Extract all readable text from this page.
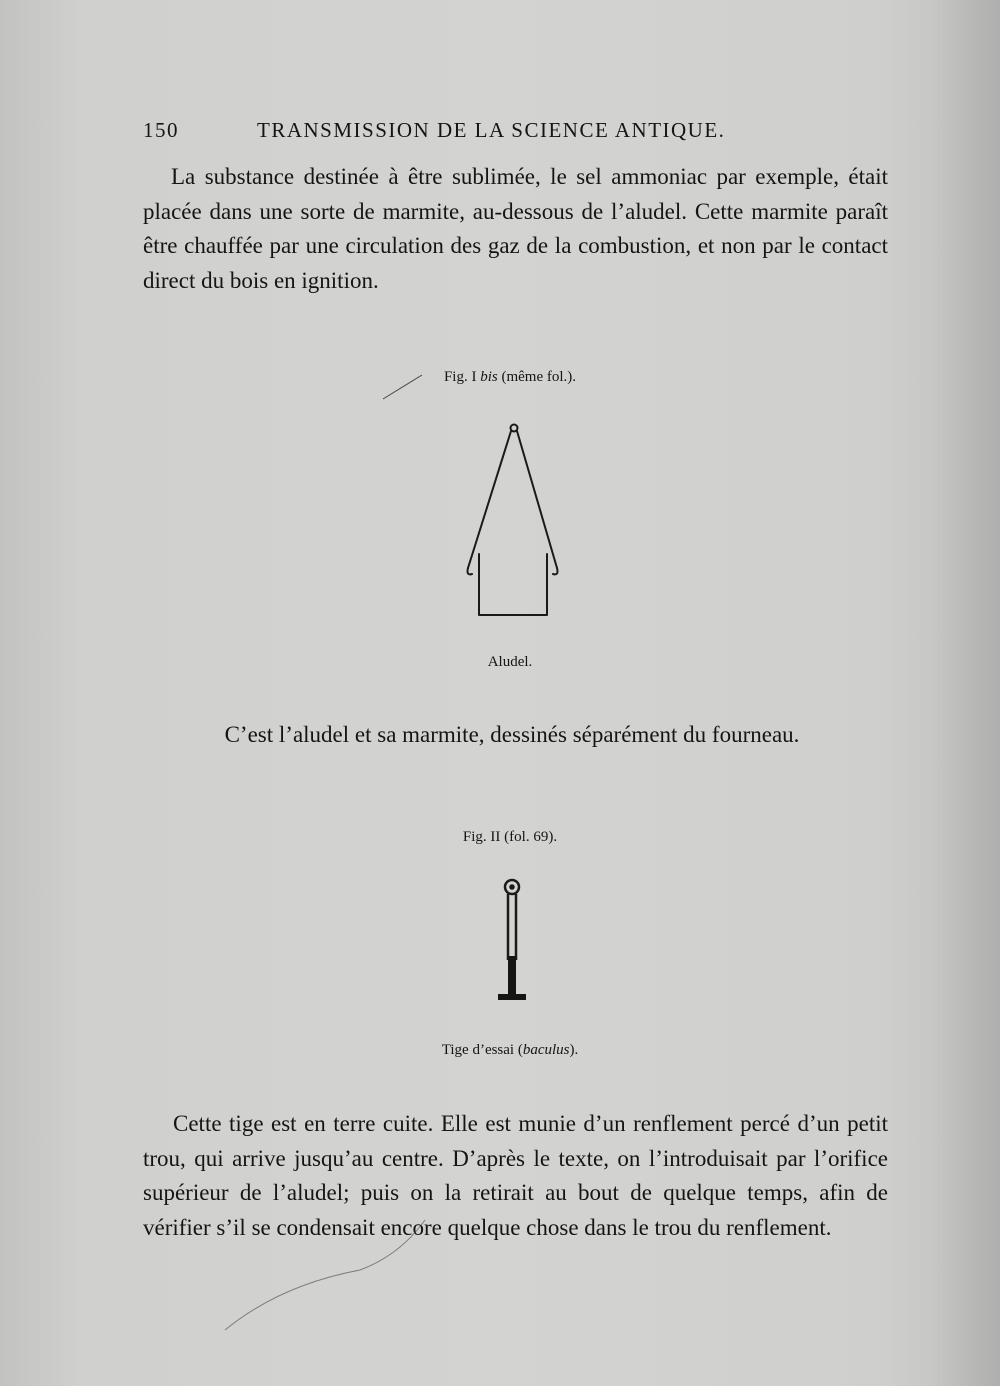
150	TRANSMISSION DE LA SCIENCE ANTIQUE.

La substance destinée à être sublimée, le sel ammoniac par exemple, était placée dans une sorte de marmite, au-dessous de l’aludel. Cette marmite paraît être chauffée par une circulation des gaz de la combustion, et non par le contact direct du bois en ignition.

Fig. I bis (même fol.).
Aludel.
C’est l’aludel et sa marmite, dessinés séparément du fourneau.
Fig. II (fol. 69).
Tige d’essai (baculus).

Cette tige est en terre cuite. Elle est munie d’un renflement percé d’un petit trou, qui arrive jusqu’au centre. D’après le texte, on l’introduisait par l’orifice supérieur de l’aludel; puis on la retirait au bout de quelque temps, afin de vérifier s’il se condensait encore quelque chose dans le trou du renflement.
